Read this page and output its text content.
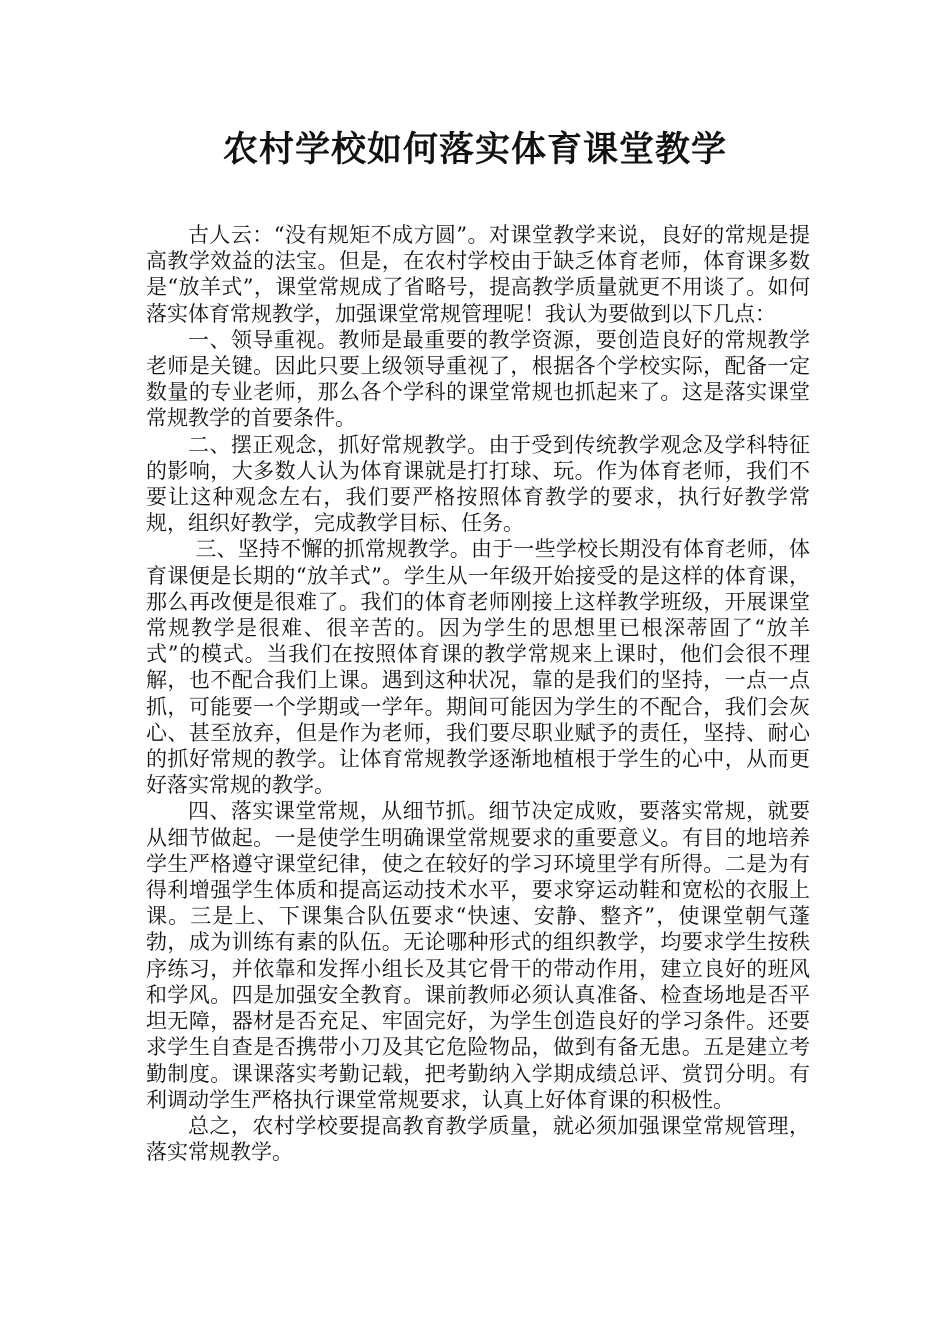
农村学校如何落实体育课堂教学

古人云：“没有规矩不成方圆”。对课堂教学来说，良好的常规是提高教学效益的法宝。但是，在农村学校由于缺乏体育老师，体育课多数是“放羊式”，课堂常规成了省略号，提高教学质量就更不用谈了。如何落实体育常规教学，加强课堂常规管理呢！我认为要做到以下几点：

一、领导重视。教师是最重要的教学资源，要创造良好的常规教学老师是关键。因此只要上级领导重视了，根据各个学校实际，配备一定数量的专业老师，那么各个学科的课堂常规也抓起来了。这是落实课堂常规教学的首要条件。

二、摆正观念，抓好常规教学。由于受到传统教学观念及学科特征的影响，大多数人认为体育课就是打打球、玩。作为体育老师，我们不要让这种观念左右，我们要严格按照体育教学的要求，执行好教学常规，组织好教学，完成教学目标、任务。

三、坚持不懈的抓常规教学。由于一些学校长期没有体育老师，体育课便是长期的“放羊式”。学生从一年级开始接受的是这样的体育课，那么再改便是很难了。我们的体育老师刚接上这样教学班级，开展课堂常规教学是很难、很辛苦的。因为学生的思想里已根深蒂固了“放羊式”的模式。当我们在按照体育课的教学常规来上课时，他们会很不理解，也不配合我们上课。遇到这种状况，靠的是我们的坚持，一点一点抓，可能要一个学期或一学年。期间可能因为学生的不配合，我们会灰心、甚至放弃，但是作为老师，我们要尽职业赋予的责任，坚持、耐心的抓好常规的教学。让体育常规教学逐渐地植根于学生的心中，从而更好落实常规的教学。

四、落实课堂常规，从细节抓。细节决定成败，要落实常规，就要从细节做起。一是使学生明确课堂常规要求的重要意义。有目的地培养学生严格遵守课堂纪律，使之在较好的学习环境里学有所得。二是为有得利增强学生体质和提高运动技术水平，要求穿运动鞋和宽松的衣服上课。三是上、下课集合队伍要求“快速、安静、整齐”，使课堂朝气蓬勃，成为训练有素的队伍。无论哪种形式的组织教学，均要求学生按秩序练习，并依靠和发挥小组长及其它骨干的带动作用，建立良好的班风和学风。四是加强安全教育。课前教师必须认真准备、检查场地是否平坦无障，器材是否充足、牢固完好，为学生创造良好的学习条件。还要求学生自查是否携带小刀及其它危险物品，做到有备无患。五是建立考勤制度。课课落实考勤记载，把考勤纳入学期成绩总评、赏罚分明。有利调动学生严格执行课堂常规要求，认真上好体育课的积极性。

总之，农村学校要提高教育教学质量，就必须加强课堂常规管理，落实常规教学。
